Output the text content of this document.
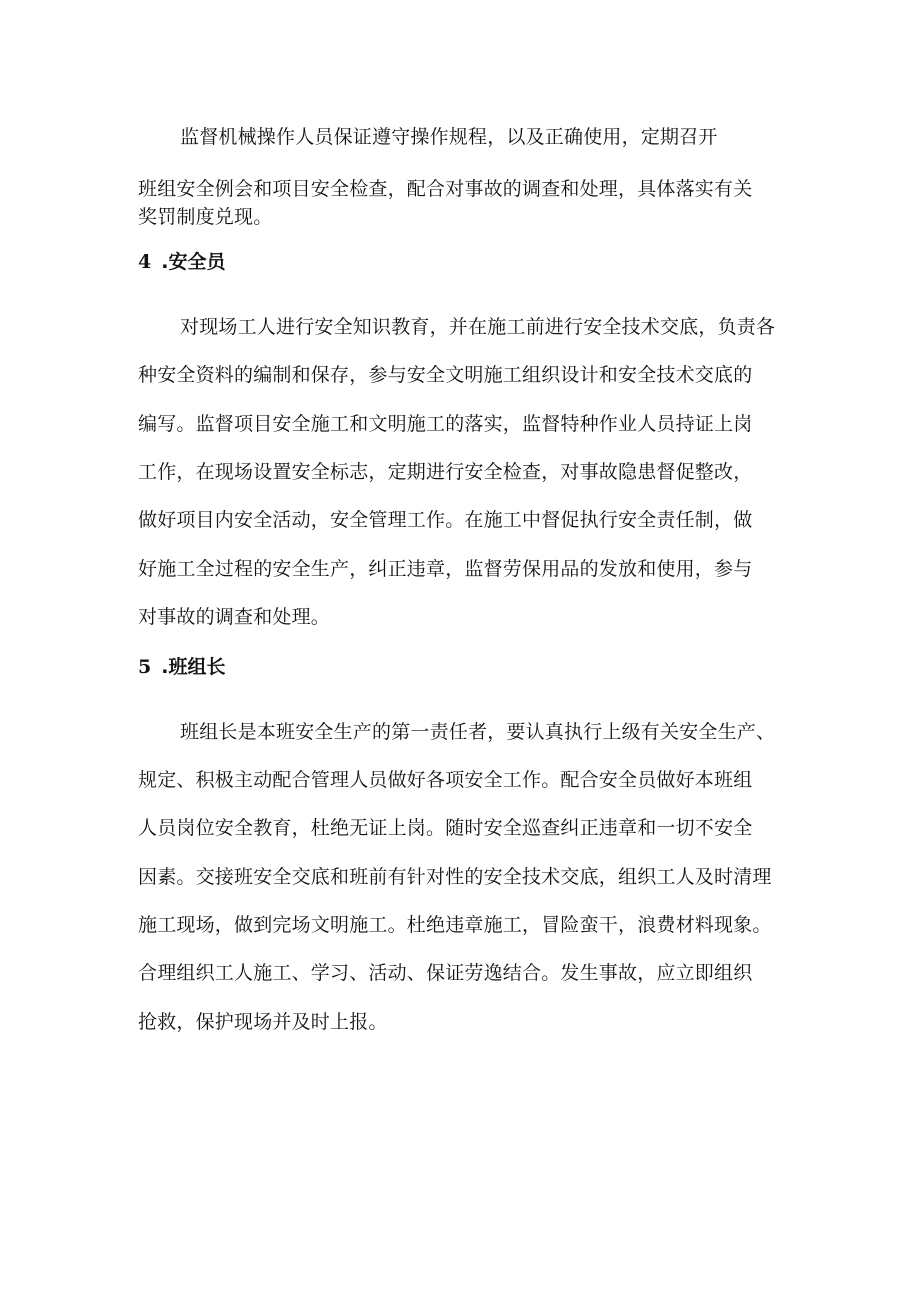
监督机械操作人员保证遵守操作规程，以及正确使用，定期召开
班组安全例会和项目安全检查，配合对事故的调查和处理，具体落实有关
奖罚制度兑现。
4 .安全员
对现场工人进行安全知识教育，并在施工前进行安全技术交底，负责各
种安全资料的编制和保存，参与安全文明施工组织设计和安全技术交底的
编写。监督项目安全施工和文明施工的落实，监督特种作业人员持证上岗
工作，在现场设置安全标志，定期进行安全检查，对事故隐患督促整改，
做好项目内安全活动，安全管理工作。在施工中督促执行安全责任制，做
好施工全过程的安全生产，纠正违章，监督劳保用品的发放和使用，参与
对事故的调查和处理。
5 .班组长
班组长是本班安全生产的第一责任者，要认真执行上级有关安全生产、
规定、积极主动配合管理人员做好各项安全工作。配合安全员做好本班组
人员岗位安全教育，杜绝无证上岗。随时安全巡查纠正违章和一切不安全
因素。交接班安全交底和班前有针对性的安全技术交底，组织工人及时清理
施工现场，做到完场文明施工。杜绝违章施工，冒险蛮干，浪费材料现象。
合理组织工人施工、学习、活动、保证劳逸结合。发生事故，应立即组织
抢救，保护现场并及时上报。
